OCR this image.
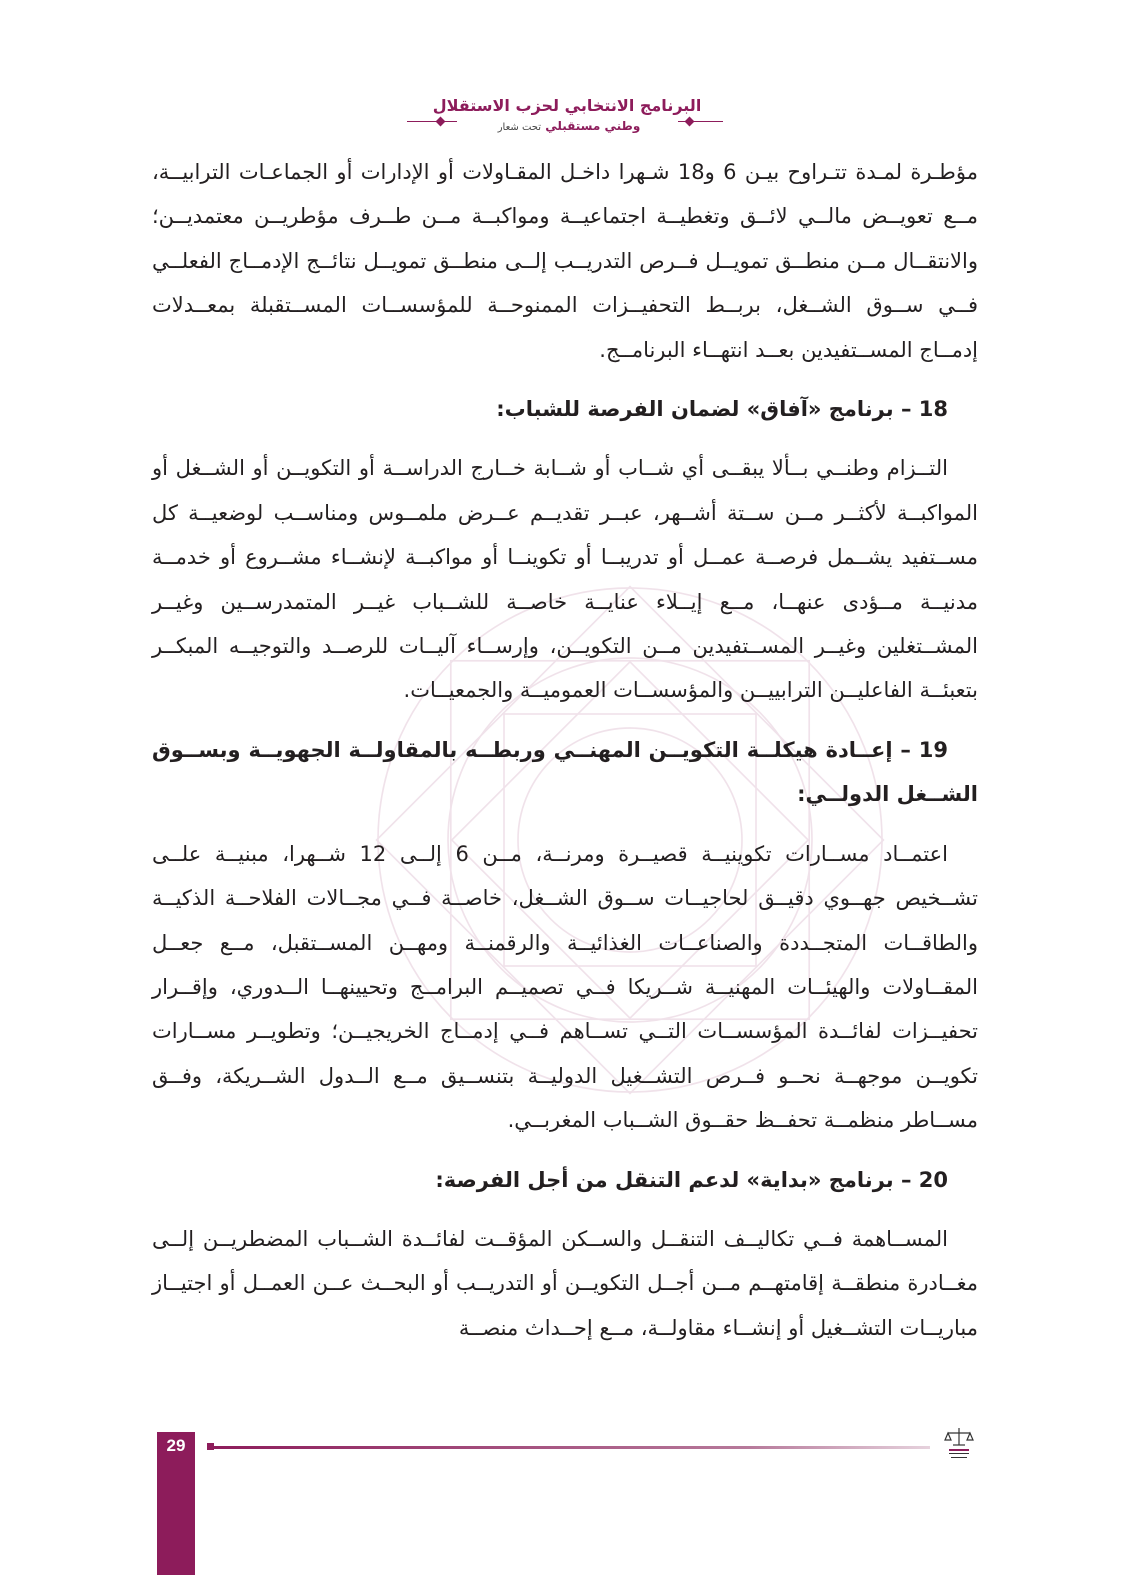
البرنامج الانتخابي لحزب الاستقلال
وطني مستقبلي تحت شعار

مؤطـرة لمـدة تتـراوح بيـن 6 و18 شـهرا داخـل المقـاولات أو الإدارات أو الجماعـات الترابيــة، مــع تعويــض مالــي لائــق وتغطيــة اجتماعيــة ومواكبــة مــن طــرف مؤطريــن معتمديــن؛ والانتقــال مــن منطــق تمويــل فــرص التدريــب إلــى منطــق تمويــل نتائــج الإدمــاج الفعلــي فــي ســوق الشــغل، بربــط التحفيــزات الممنوحــة للمؤسســات المســتقبلة بمعــدلات إدمــاج المســتفيدين بعــد انتهــاء البرنامــج.

18 – برنامج «آفاق» لضمان الفرصة للشباب:

التــزام وطنــي بــألا يبقــى أي شــاب أو شــابة خــارج الدراســة أو التكويــن أو الشــغل أو المواكبــة لأكثــر مــن ســتة أشــهر، عبــر تقديــم عــرض ملمــوس ومناســب لوضعيــة كل مســتفيد يشــمل فرصــة عمــل أو تدريبــا أو تكوينــا أو مواكبــة لإنشــاء مشــروع أو خدمــة مدنيــة مــؤدى عنهــا، مــع إيــلاء عنايــة خاصــة للشــباب غيــر المتمدرســين وغيــر المشــتغلين وغيــر المســتفيدين مــن التكويــن، وإرســاء آليــات للرصــد والتوجيــه المبكــر بتعبئــة الفاعليــن الترابييــن والمؤسســات العموميــة والجمعيــات.

19 – إعــادة هيكلــة التكويــن المهنــي وربطــه بالمقاولــة الجهويــة وبســوق الشــغل الدولــي:

اعتمــاد مســارات تكوينيــة قصيــرة ومرنــة، مــن 6 إلــى 12 شــهرا، مبنيــة علــى تشــخيص جهــوي دقيــق لحاجيــات ســوق الشــغل، خاصــة فــي مجــالات الفلاحــة الذكيــة والطاقــات المتجــددة والصناعــات الغذائيــة والرقمنــة ومهــن المســتقبل، مــع جعــل المقــاولات والهيئــات المهنيــة شــريكا فــي تصميــم البرامــج وتحيينهــا الــدوري، وإقــرار تحفيــزات لفائــدة المؤسســات التــي تســاهم فــي إدمــاج الخريجيــن؛ وتطويــر مســارات تكويــن موجهــة نحــو فــرص التشــغيل الدوليــة بتنســيق مــع الــدول الشــريكة، وفــق مســاطر منظمــة تحفــظ حقــوق الشــباب المغربــي.

20 – برنامج «بداية» لدعم التنقل من أجل الفرصة:

المســاهمة فــي تكاليــف التنقــل والســكن المؤقــت لفائــدة الشــباب المضطريــن إلــى مغــادرة منطقــة إقامتهــم مــن أجــل التكويــن أو التدريــب أو البحــث عــن العمــل أو اجتيــاز مباريــات التشــغيل أو إنشــاء مقاولــة، مــع إحــداث منصــة

29
